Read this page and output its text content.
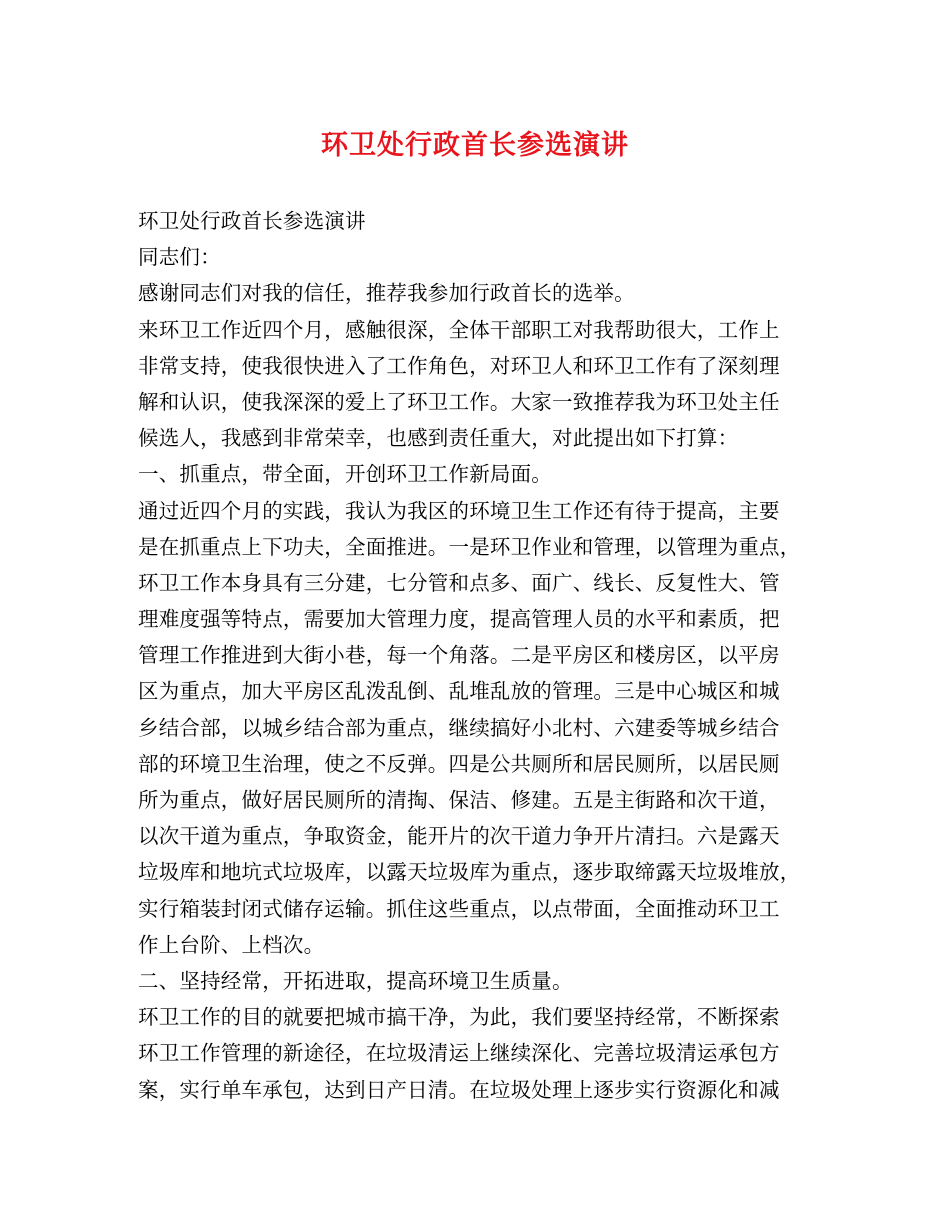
环卫处行政首长参选演讲
环卫处行政首长参选演讲
同志们：
感谢同志们对我的信任，推荐我参加行政首长的选举。
来环卫工作近四个月，感触很深，全体干部职工对我帮助很大，工作上
非常支持，使我很快进入了工作角色，对环卫人和环卫工作有了深刻理
解和认识，使我深深的爱上了环卫工作。大家一致推荐我为环卫处主任
候选人，我感到非常荣幸，也感到责任重大，对此提出如下打算：
一、抓重点，带全面，开创环卫工作新局面。
通过近四个月的实践，我认为我区的环境卫生工作还有待于提高，主要
是在抓重点上下功夫，全面推进。一是环卫作业和管理，以管理为重点，
环卫工作本身具有三分建，七分管和点多、面广、线长、反复性大、管
理难度强等特点，需要加大管理力度，提高管理人员的水平和素质，把
管理工作推进到大街小巷，每一个角落。二是平房区和楼房区，以平房
区为重点，加大平房区乱泼乱倒、乱堆乱放的管理。三是中心城区和城
乡结合部，以城乡结合部为重点，继续搞好小北村、六建委等城乡结合
部的环境卫生治理，使之不反弹。四是公共厕所和居民厕所，以居民厕
所为重点，做好居民厕所的清掏、保洁、修建。五是主街路和次干道，
以次干道为重点，争取资金，能开片的次干道力争开片清扫。六是露天
垃圾库和地坑式垃圾库，以露天垃圾库为重点，逐步取缔露天垃圾堆放，
实行箱装封闭式储存运输。抓住这些重点，以点带面，全面推动环卫工
作上台阶、上档次。
二、坚持经常，开拓进取，提高环境卫生质量。
环卫工作的目的就要把城市搞干净，为此，我们要坚持经常，不断探索
环卫工作管理的新途径，在垃圾清运上继续深化、完善垃圾清运承包方
案，实行单车承包，达到日产日清。在垃圾处理上逐步实行资源化和减
